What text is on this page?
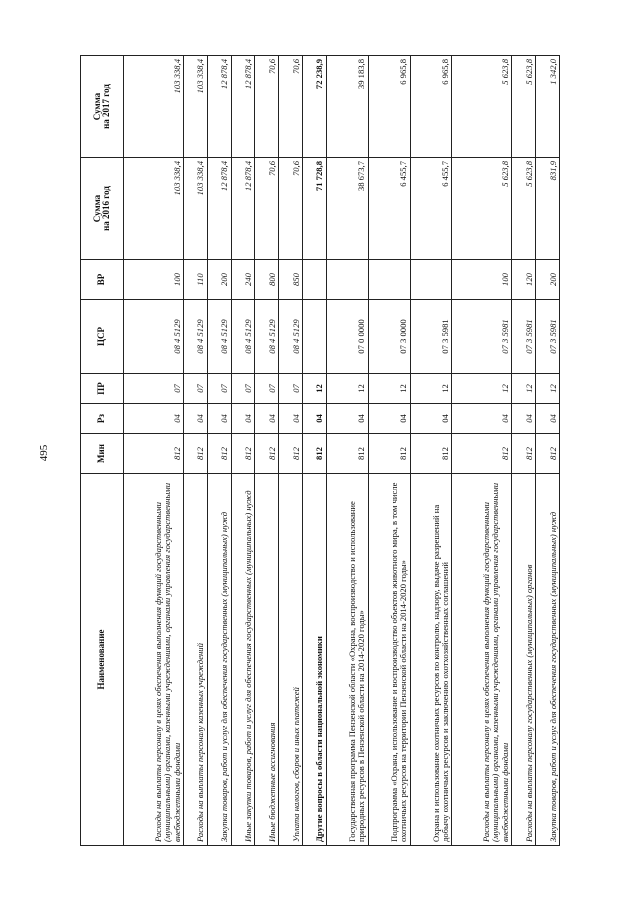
495
Наименование	Мин	Рз	ПР	ЦСР	ВР	Сумма на 2016 год	Сумма на 2017 год

Расходы на выплаты персоналу в целях обеспечения выполнения функций государственными (муниципальными) органами, казенными учреждениями, органами управления государственными внебюджетными фондами	812	04	07	08 4 5129	100	103 338,4	103 338,4
Расходы на выплаты персоналу казенных учреждений	812	04	07	08 4 5129	110	103 338,4	103 338,4
Закупка товаров, работ и услуг для обеспечения государственных (муниципальных) нужд	812	04	07	08 4 5129	200	12 878,4	12 878,4
Иные закупки товаров, работ и услуг для обеспечения государственных (муниципальных) нужд	812	04	07	08 4 5129	240	12 878,4	12 878,4
Иные бюджетные ассигнования	812	04	07	08 4 5129	800	70,6	70,6
Уплата налогов, сборов и иных платежей	812	04	07	08 4 5129	850	70,6	70,6
Другие вопросы в области национальной экономики	812	04	12			71 728,8	72 238,9
Государственная программа Пензенской области «Охрана, воспроизводство и использование природных ресурсов в Пензенской области на 2014-2020 годы»	812	04	12	07 0 0000		38 673,7	39 183,8
Подпрограмма «Охрана, использование и воспроизводство объектов животного мира, в том числе охотничьих ресурсов на территории Пензенской области на 2014-2020 годы»	812	04	12	07 3 0000		6 455,7	6 965,8
Охрана и использование охотничьих ресурсов по контролю, надзору, выдаче разрешений на добычу охотничьих ресурсов и заключению охотхозяйственных соглашений	812	04	12	07 3 5981		6 455,7	6 965,8
Расходы на выплаты персоналу в целях обеспечения выполнения функций государственными (муниципальными) органами, казенными учреждениями, органами управления государственными внебюджетными фондами	812	04	12	07 3 5981	100	5 623,8	5 623,8
Расходы на выплаты персоналу государственных (муниципальных) органов	812	04	12	07 3 5981	120	5 623,8	5 623,8
Закупка товаров, работ и услуг для обеспечения государственных (муниципальных) нужд	812	04	12	07 3 5981	200	831,9	1 342,0
